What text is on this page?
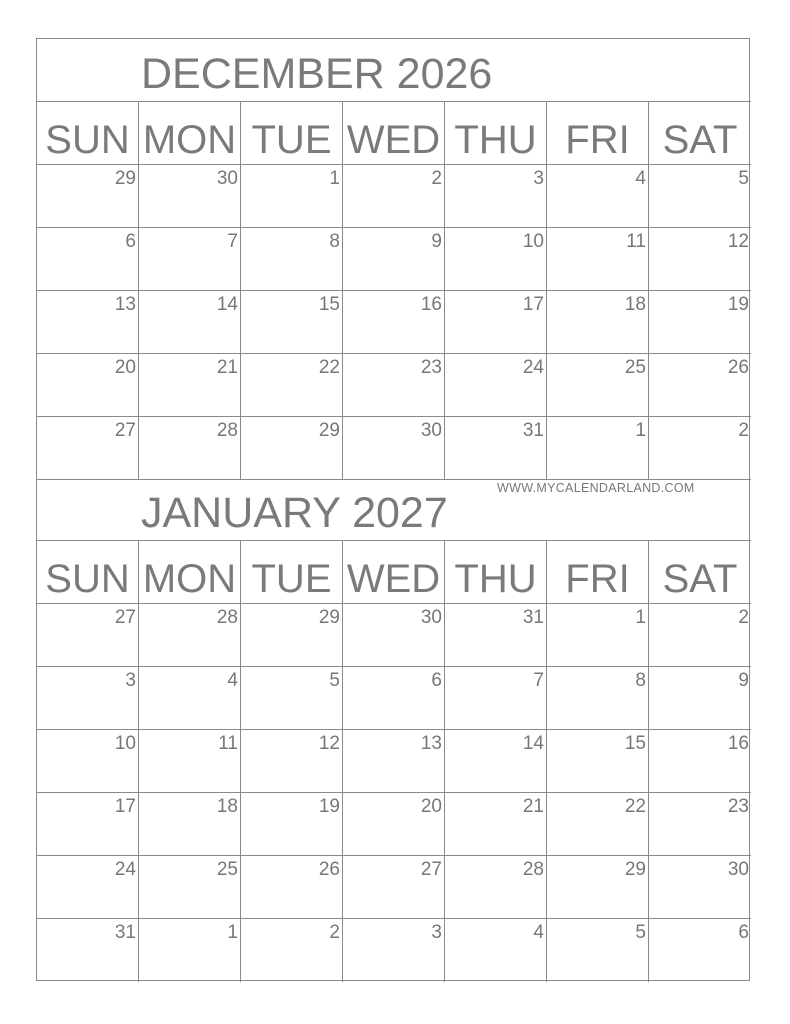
DECEMBER 2026
SUN MON TUE WED THU FRI SAT
29	30	1	2	3	4	5
6	7	8	9	10	11	12
13	14	15	16	17	18	19
20	21	22	23	24	25	26
27	28	29	30	31	1	2
WWW.MYCALENDARLAND.COM
JANUARY 2027
SUN MON TUE WED THU FRI SAT
27	28	29	30	31	1	2
3	4	5	6	7	8	9
10	11	12	13	14	15	16
17	18	19	20	21	22	23
24	25	26	27	28	29	30
31	1	2	3	4	5	6
